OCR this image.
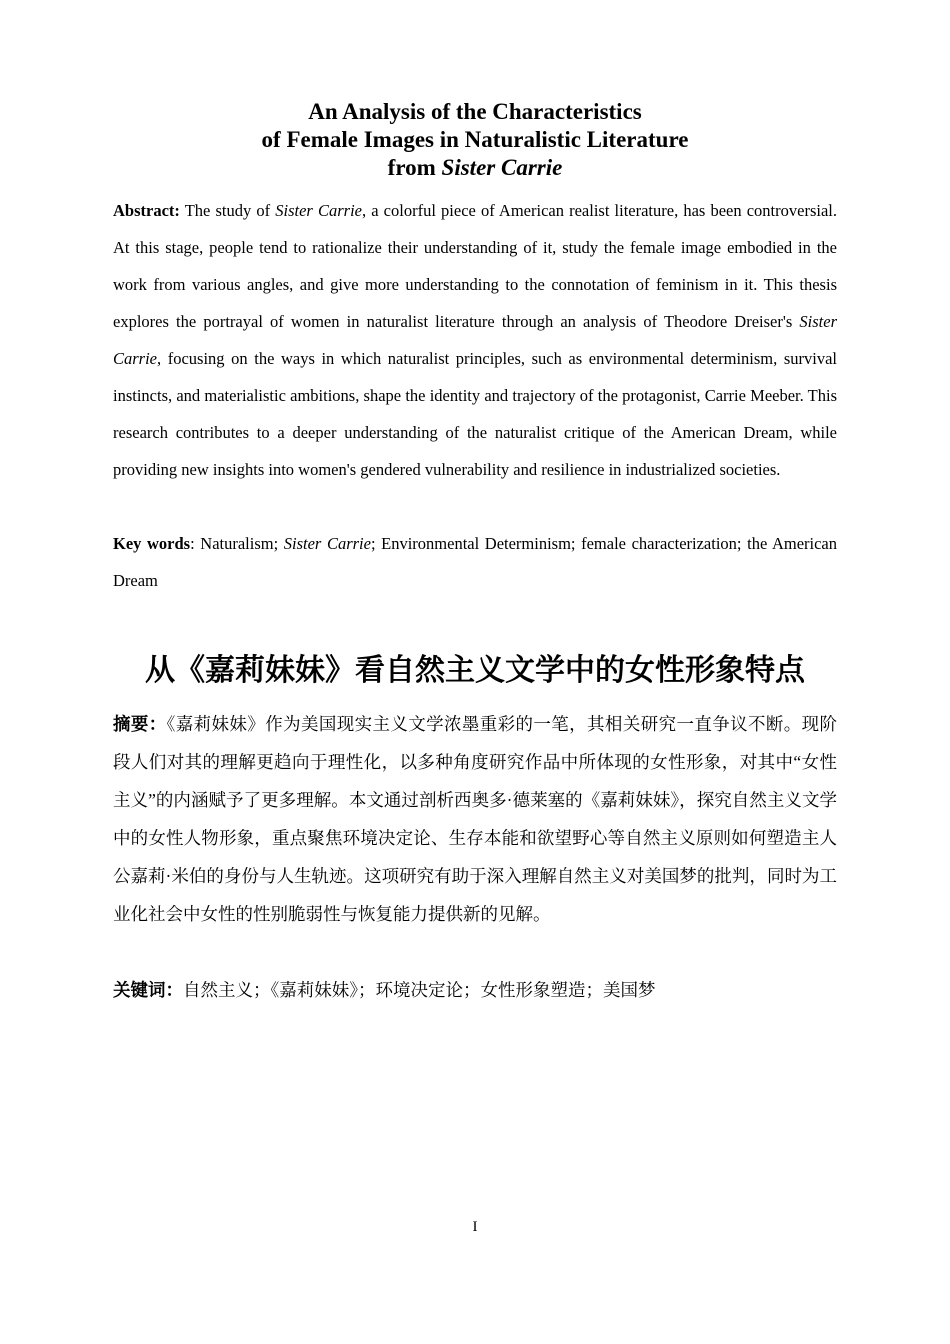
An Analysis of the Characteristics
of Female Images in Naturalistic Literature
from Sister Carrie

Abstract: The study of Sister Carrie, a colorful piece of American realist literature, has been controversial. At this stage, people tend to rationalize their understanding of it, study the female image embodied in the work from various angles, and give more understanding to the connotation of feminism in it. This thesis explores the portrayal of women in naturalist literature through an analysis of Theodore Dreiser's Sister Carrie, focusing on the ways in which naturalist principles, such as environmental determinism, survival instincts, and materialistic ambitions, shape the identity and trajectory of the protagonist, Carrie Meeber. This research contributes to a deeper understanding of the naturalist critique of the American Dream, while providing new insights into women's gendered vulnerability and resilience in industrialized societies.

Key words: Naturalism; Sister Carrie; Environmental Determinism; female characterization; the American Dream

从《嘉莉妹妹》看自然主义文学中的女性形象特点

摘要：《嘉莉妹妹》作为美国现实主义文学浓墨重彩的一笔，其相关研究一直争议不断。现阶段人们对其的理解更趋向于理性化，以多种角度研究作品中所体现的女性形象，对其中“女性主义”的内涵赋予了更多理解。本文通过剖析西奥多·德莱塞的《嘉莉妹妹》，探究自然主义文学中的女性人物形象，重点聚焦环境决定论、生存本能和欲望野心等自然主义原则如何塑造主人公嘉莉·米伯的身份与人生轨迹。这项研究有助于深入理解自然主义对美国梦的批判，同时为工业化社会中女性的性别脆弱性与恢复能力提供新的见解。

关键词：自然主义；《嘉莉妹妹》；环境决定论；女性形象塑造；美国梦

I
